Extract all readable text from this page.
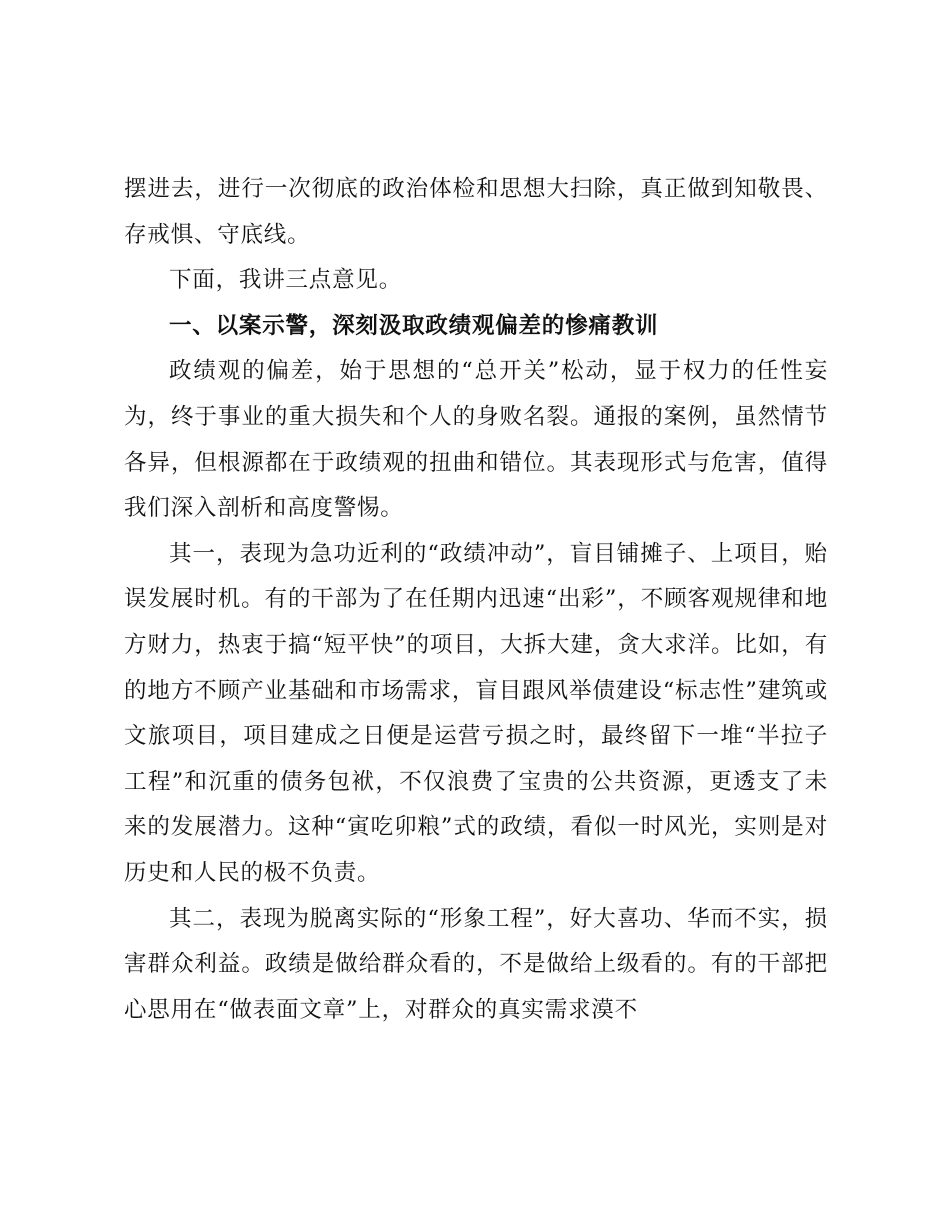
摆进去，进行一次彻底的政治体检和思想大扫除，真正做到知敬畏、存戒惧、守底线。

下面，我讲三点意见。

一、以案示警，深刻汲取政绩观偏差的惨痛教训

政绩观的偏差，始于思想的“总开关”松动，显于权力的任性妄为，终于事业的重大损失和个人的身败名裂。通报的案例，虽然情节各异，但根源都在于政绩观的扭曲和错位。其表现形式与危害，值得我们深入剖析和高度警惕。

其一，表现为急功近利的“政绩冲动”，盲目铺摊子、上项目，贻误发展时机。有的干部为了在任期内迅速“出彩”，不顾客观规律和地方财力，热衷于搞“短平快”的项目，大拆大建，贪大求洋。比如，有的地方不顾产业基础和市场需求，盲目跟风举债建设“标志性”建筑或文旅项目，项目建成之日便是运营亏损之时，最终留下一堆“半拉子工程”和沉重的债务包袱，不仅浪费了宝贵的公共资源，更透支了未来的发展潜力。这种“寅吃卯粮”式的政绩，看似一时风光，实则是对历史和人民的极不负责。

其二，表现为脱离实际的“形象工程”，好大喜功、华而不实，损害群众利益。政绩是做给群众看的，不是做给上级看的。有的干部把心思用在“做表面文章”上，对群众的真实需求漠不
